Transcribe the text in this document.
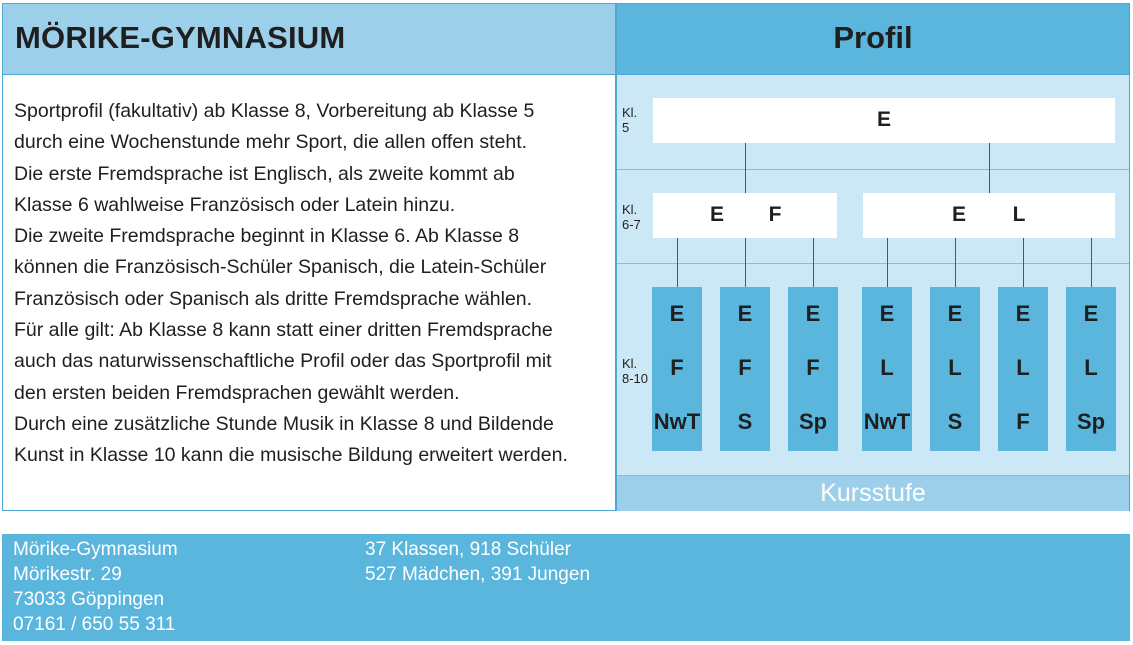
MÖRIKE-GYMNASIUM	Profil
Sportprofil (fakultativ) ab Klasse 8, Vorbereitung ab Klasse 5
durch eine Wochenstunde mehr Sport, die allen offen steht.
Die erste Fremdsprache ist Englisch, als zweite kommt ab
Klasse 6 wahlweise Französisch oder Latein hinzu.
Die zweite Fremdsprache beginnt in Klasse 6. Ab Klasse 8
können die Französisch-Schüler Spanisch, die Latein-Schüler
Französisch oder Spanisch als dritte Fremdsprache wählen.
Für alle gilt: Ab Klasse 8 kann statt einer dritten Fremdsprache
auch das naturwissenschaftliche Profil oder das Sportprofil mit
den ersten beiden Fremdsprachen gewählt werden.
Durch eine zusätzliche Stunde Musik in Klasse 8 und Bildende
Kunst in Klasse 10 kann die musische Bildung erweitert werden.
Kl.
5
Kl.
6-7
Kl.
8-10
E
E F	E L
E
F
NwT
E
F
S
E
F
Sp
E
L
NwT
E
L
S
E
L
F
E
L
Sp
Kursstufe
Mörike-Gymnasium
Mörikestr. 29
73033 Göppingen
07161 / 650 55 311
37 Klassen, 918 Schüler
527 Mädchen, 391 Jungen
